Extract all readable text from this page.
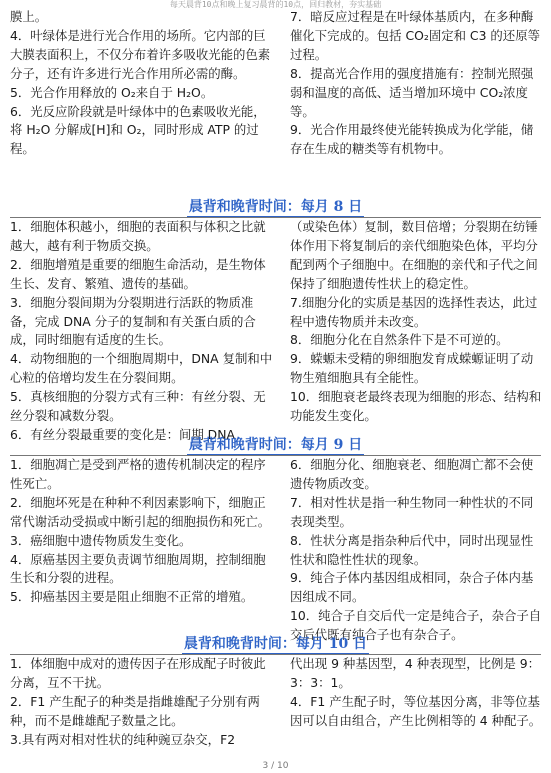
每天晨背10点和晚上复习晨背的10点，回归教材，夯实基础

膜上。

4．叶绿体是进行光合作用的场所。它内部的巨大膜表面积上，不仅分布着许多吸收光能的色素分子，还有许多进行光合作用所必需的酶。

5．光合作用释放的 O₂来自于 H₂O。

6．光反应阶段就是叶绿体中的色素吸收光能，将 H₂O 分解成[H]和 O₂，同时形成 ATP 的过程。

7．暗反应过程是在叶绿体基质内，在多种酶催化下完成的。包括 CO₂固定和 C3 的还原等过程。

8．提高光合作用的强度措施有：控制光照强弱和温度的高低、适当增加环境中 CO₂浓度等。

9．光合作用最终使光能转换成为化学能，储存在生成的糖类等有机物中。

晨背和晚背时间：每月 8 日

1．细胞体积越小，细胞的表面积与体积之比就越大，越有利于物质交换。

2．细胞增殖是重要的细胞生命活动，是生物体生长、发育、繁殖、遗传的基础。

3．细胞分裂间期为分裂期进行活跃的物质准备，完成 DNA 分子的复制和有关蛋白质的合成，同时细胞有适度的生长。

4．动物细胞的一个细胞周期中，DNA 复制和中心粒的倍增均发生在分裂间期。

5．真核细胞的分裂方式有三种：有丝分裂、无丝分裂和减数分裂。

6．有丝分裂最重要的变化是：间期 DNA

（或染色体）复制，数目倍增；分裂期在纺锤体作用下将复制后的亲代细胞染色体，平均分配到两个子细胞中。在细胞的亲代和子代之间保持了细胞遗传性状上的稳定性。

7.细胞分化的实质是基因的选择性表达，此过程中遗传物质并未改变。

8．细胞分化在自然条件下是不可逆的。

9．蝾螈未受精的卵细胞发育成蝾螈证明了动物生殖细胞具有全能性。

10．细胞衰老最终表现为细胞的形态、结构和功能发生变化。

晨背和晚背时间：每月 9 日

1．细胞凋亡是受到严格的遗传机制决定的程序性死亡。

2．细胞坏死是在种种不利因素影响下，细胞正常代谢活动受损或中断引起的细胞损伤和死亡。

3．癌细胞中遗传物质发生变化。

4．原癌基因主要负责调节细胞周期，控制细胞生长和分裂的进程。

5．抑癌基因主要是阻止细胞不正常的增殖。

6．细胞分化、细胞衰老、细胞凋亡都不会使遗传物质改变。

7．相对性状是指一种生物同一种性状的不同表现类型。

8．性状分离是指杂种后代中，同时出现显性性状和隐性性状的现象。

9．纯合子体内基因组成相同，杂合子体内基因组成不同。

10．纯合子自交后代一定是纯合子，杂合子自交后代既有纯合子也有杂合子。

晨背和晚背时间：每月 10 日

1．体细胞中成对的遗传因子在形成配子时彼此分离，互不干扰。

2．F1 产生配子的种类是指雌雄配子分别有两种，而不是雌雄配子数量之比。

3.具有两对相对性状的纯种豌豆杂交，F2

代出现 9 种基因型，4 种表现型，比例是 9：3：3：1。

4．F1 产生配子时，等位基因分离，非等位基因可以自由组合，产生比例相等的 4 种配子。

3 / 10
